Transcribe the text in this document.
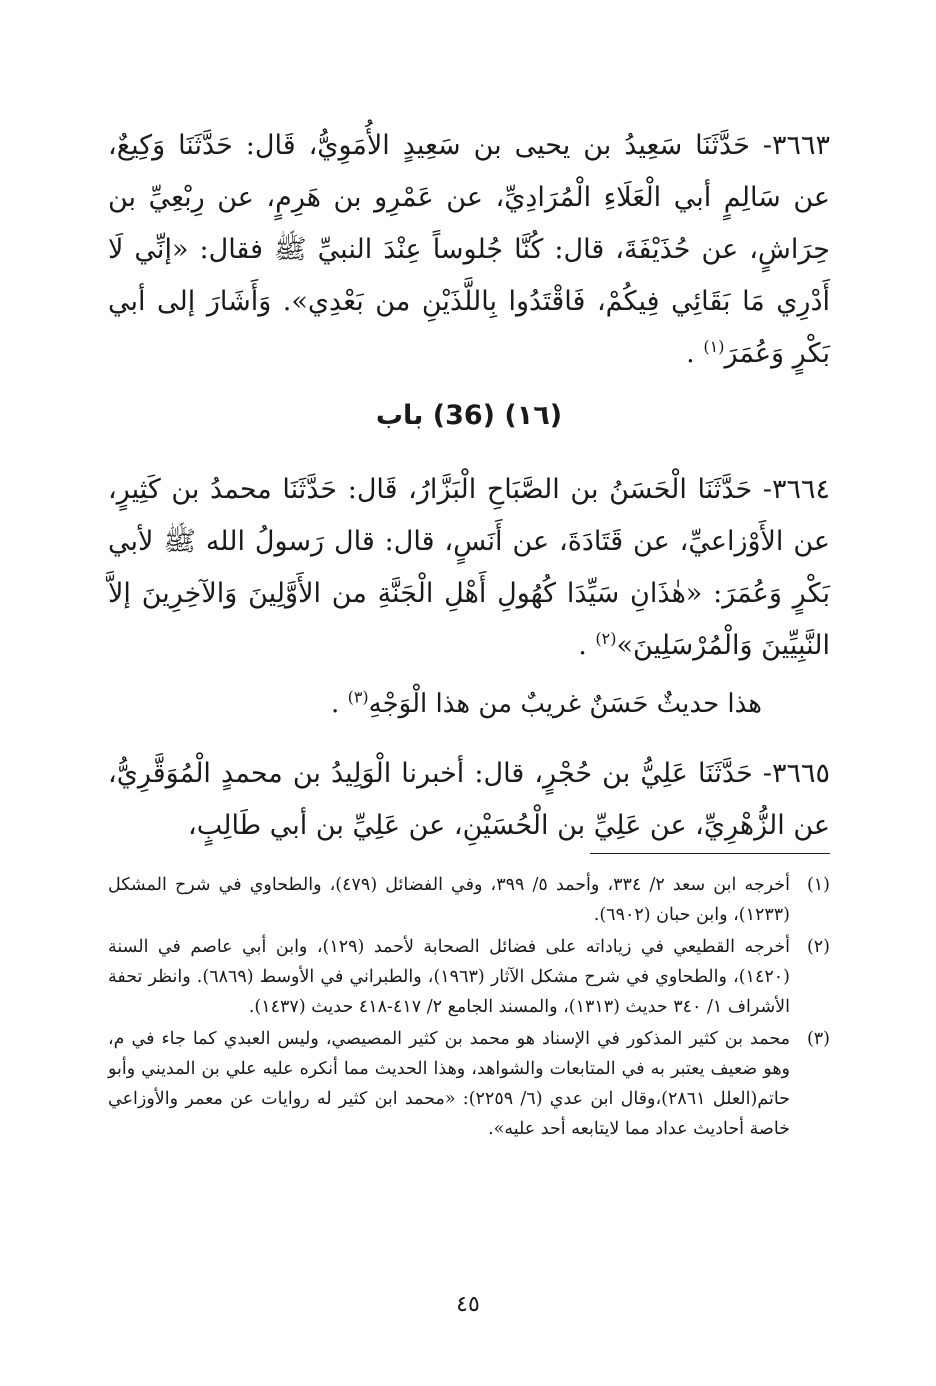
٣٦٦٣- حَدَّثَنَا سَعِيدُ بن يحيى بن سَعِيدٍ الأُمَوِيُّ، قَال: حَدَّثَنَا وَكِيعٌ، عن سَالِمٍ أبي الْعَلَاءِ الْمُرَادِيِّ، عن عَمْرِو بن هَرِمٍ، عن رِبْعِيِّ بن حِرَاشٍ، عن حُذَيْفَةَ، قال: كُنَّا جُلوساً عِنْدَ النبيِّ ﷺ فقال: «إنِّي لَا أَدْرِي مَا بَقَائِي فِيكُمْ، فَاقْتَدُوا بِاللَّذَيْنِ من بَعْدِي». وَأَشَارَ إلى أبي بَكْرٍ وَعُمَرَ$^{(١)}$ .

(١٦) (36) باب

٣٦٦٤- حَدَّثَنَا الْحَسَنُ بن الصَّبَاحِ الْبَزَّارُ، قَال: حَدَّثَنَا محمدُ بن كَثِيرٍ، عن الأَوْزاعيِّ، عن قَتَادَةَ، عن أَنَسٍ، قال: قال رَسولُ الله ﷺ لأبي بَكْرٍ وَعُمَرَ: «هٰذَانِ سَيِّدَا كُهُولِ أَهْلِ الْجَنَّةِ من الأَوَّلِينَ وَالآخِرِينَ إلاَّ النَّبِيِّينَ وَالْمُرْسَلِينَ»$^{(٢)}$ .

هذا حديثٌ حَسَنٌ غريبٌ من هذا الْوَجْهِ$^{(٣)}$ .

٣٦٦٥- حَدَّثَنَا عَلِيُّ بن حُجْرٍ، قال: أخبرنا الْوَلِيدُ بن محمدٍ الْمُوَقَّرِيُّ، عن الزُّهْرِيِّ، عن عَلِيِّ بن الْحُسَيْنِ، عن عَلِيِّ بن أبي طَالِبٍ،

(١)
أخرجه ابن سعد ٢/ ٣٣٤، وأحمد ٥/ ٣٩٩، وفي الفضائل (٤٧٩)، والطحاوي في شرح المشكل (١٢٣٣)، وابن حبان (٦٩٠٢).
(٢)
أخرجه القطيعي في زياداته على فضائل الصحابة لأحمد (١٢٩)، وابن أبي عاصم في السنة (١٤٢٠)، والطحاوي في شرح مشكل الآثار (١٩٦٣)، والطبراني في الأوسط (٦٨٦٩). وانظر تحفة الأشراف ١/ ٣٤٠ حديث (١٣١٣)، والمسند الجامع ٢/ ٤١٧-٤١٨ حديث (١٤٣٧).
(٣)
محمد بن كثير المذكور في الإسناد هو محمد بن كثير المصيصي، وليس العبدي كما جاء في م، وهو ضعيف يعتبر به في المتابعات والشواهد، وهذا الحديث مما أنكره عليه علي بن المديني وأبو حاتم(العلل ٢٨٦١)،وقال ابن عدي (٦/ ٢٢٥٩): «محمد ابن كثير له روايات عن معمر والأوزاعي خاصة أحاديث عداد مما لايتابعه أحد عليه».
٤٥
